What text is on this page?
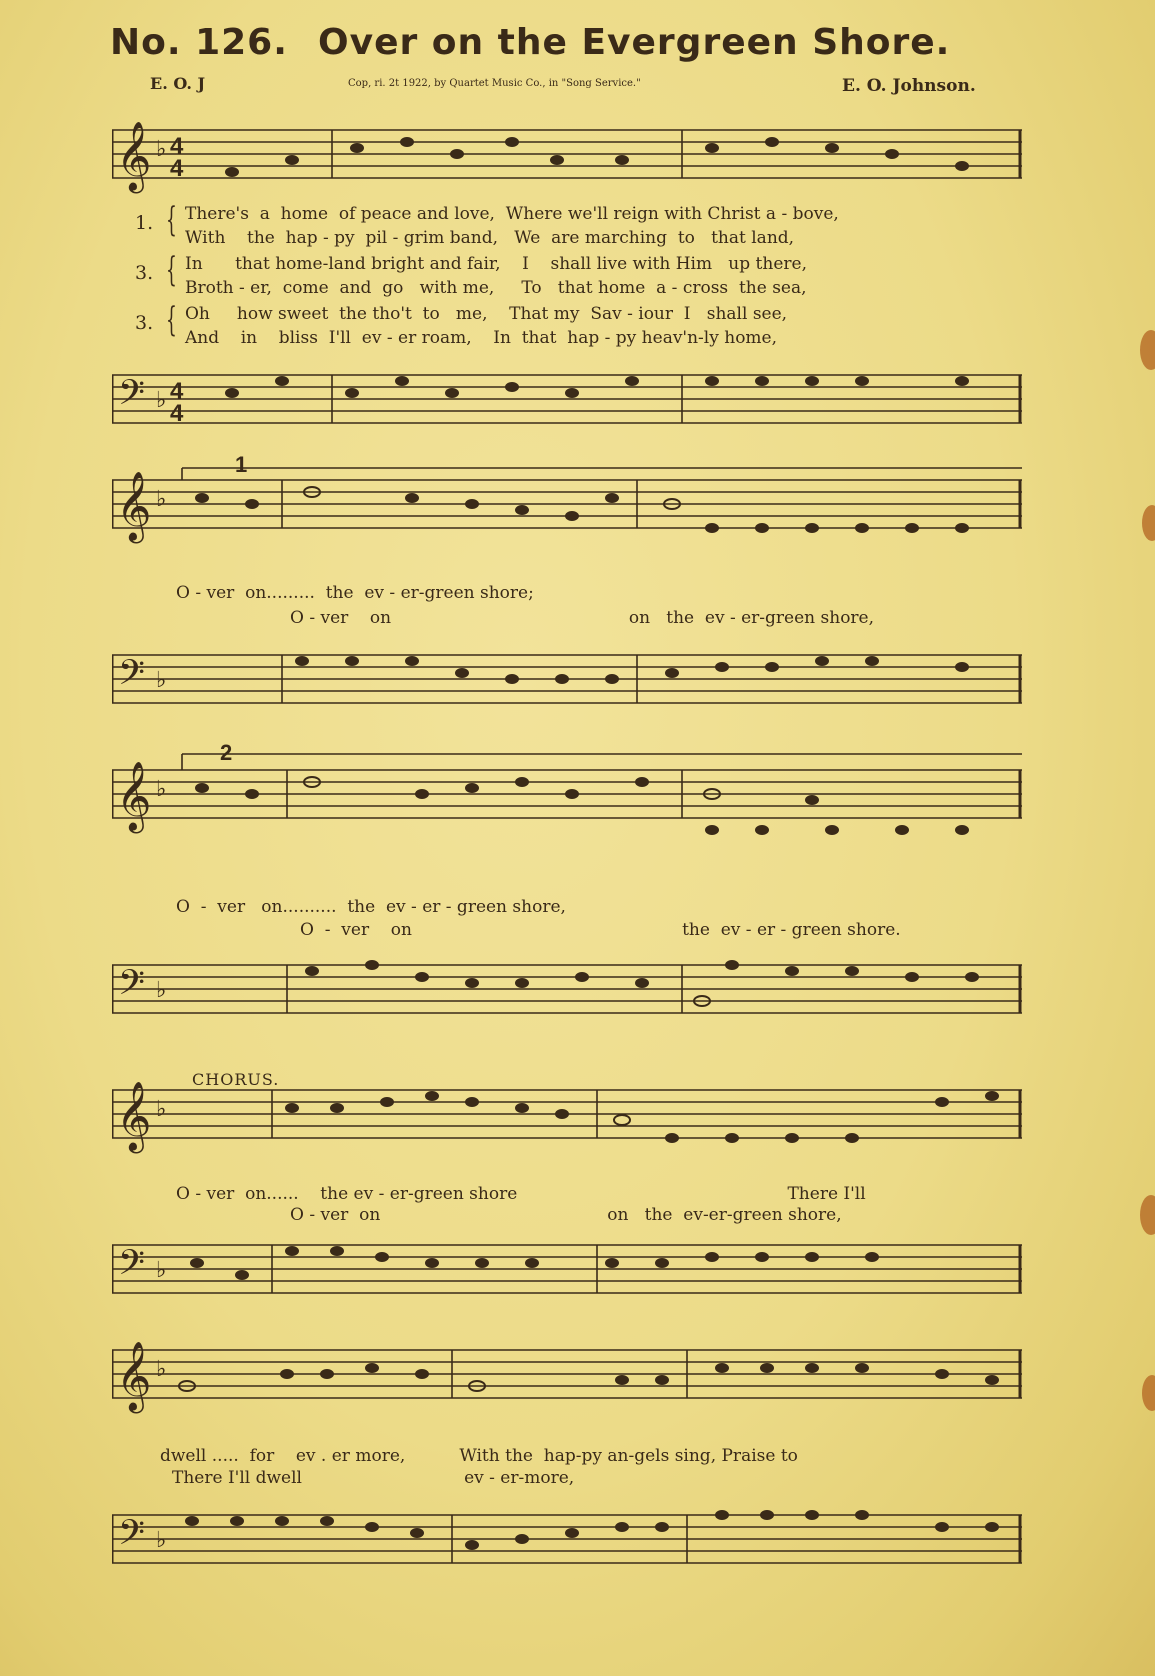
No. 126. Over on the Evergreen Shore.
E. O. J	Cop, ri. 2t 1922, by Quartet Music Co., in "Song Service."	E. O. Johnson.
𝄞 ♭ 4
4
1. { There's  a  home  of peace and love,  Where we'll reign with Christ a - bove,
With    the  hap - py  pil - grim band,   We  are marching  to   that land,
3. { In      that home-land bright and fair,    I    shall live with Him   up there,
Broth - er,  come  and  go   with me,     To   that home  a - cross  the sea,
3. { Oh     how sweet  the tho't  to   me,    That my  Sav - iour  I   shall see,
And    in    bliss  I'll  ev - er roam,    In  that  hap - py heav'n-ly home,
𝄢 ♭ 4
4
1
𝄞 ♭
O - ver  on.........  the  ev - er-green shore;
O - ver    on                                            on   the  ev - er-green shore,
𝄢 ♭
2
𝄞 ♭
O  -  ver   on..........  the  ev - er - green shore,
O  -  ver    on                                                  the  ev - er - green shore.
𝄢 ♭
CHORUS.
𝄞 ♭
O - ver  on......    the ev - er-green shore                                                  There I'll
O - ver  on                                          on   the  ev-er-green shore,
𝄢 ♭
𝄞 ♭
dwell .....  for    ev . er more,          With the  hap-py an-gels sing, Praise to
There I'll dwell                              ev - er-more,
𝄢 ♭
